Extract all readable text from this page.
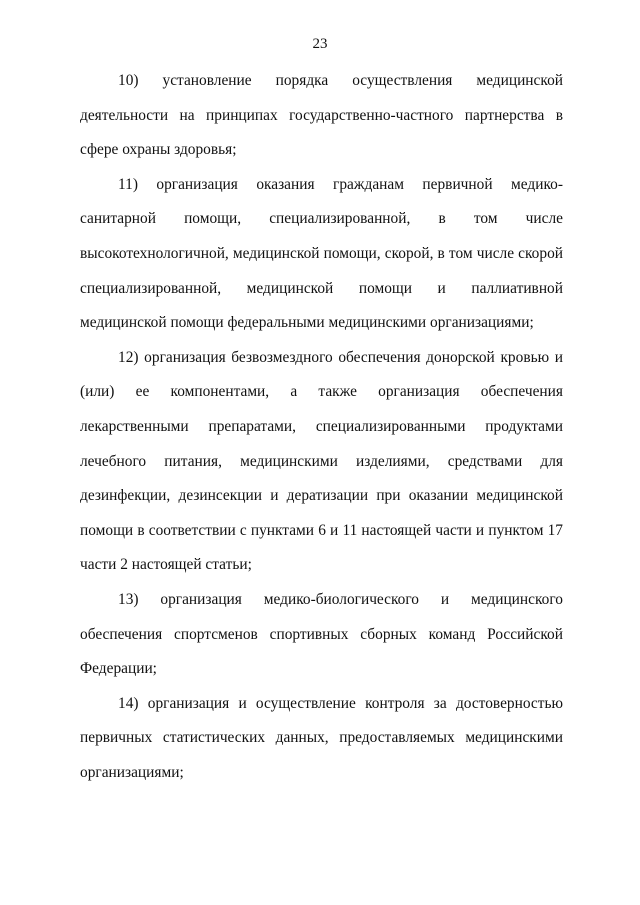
23

10) установление порядка осуществления медицинской деятельности на принципах государственно-частного партнерства в сфере охраны здоровья;

11) организация оказания гражданам первичной медико-санитарной помощи, специализированной, в том числе высокотехнологичной, медицинской помощи, скорой, в том числе скорой специализированной, медицинской помощи и паллиативной медицинской помощи федеральными медицинскими организациями;

12) организация безвозмездного обеспечения донорской кровью и (или) ее компонентами, а также организация обеспечения лекарственными препаратами, специализированными продуктами лечебного питания, медицинскими изделиями, средствами для дезинфекции, дезинсекции и дератизации при оказании медицинской помощи в соответствии с пунктами 6 и 11 настоящей части и пунктом 17 части 2 настоящей статьи;

13) организация медико-биологического и медицинского обеспечения спортсменов спортивных сборных команд Российской Федерации;

14) организация и осуществление контроля за достоверностью первичных статистических данных, предоставляемых медицинскими организациями;
